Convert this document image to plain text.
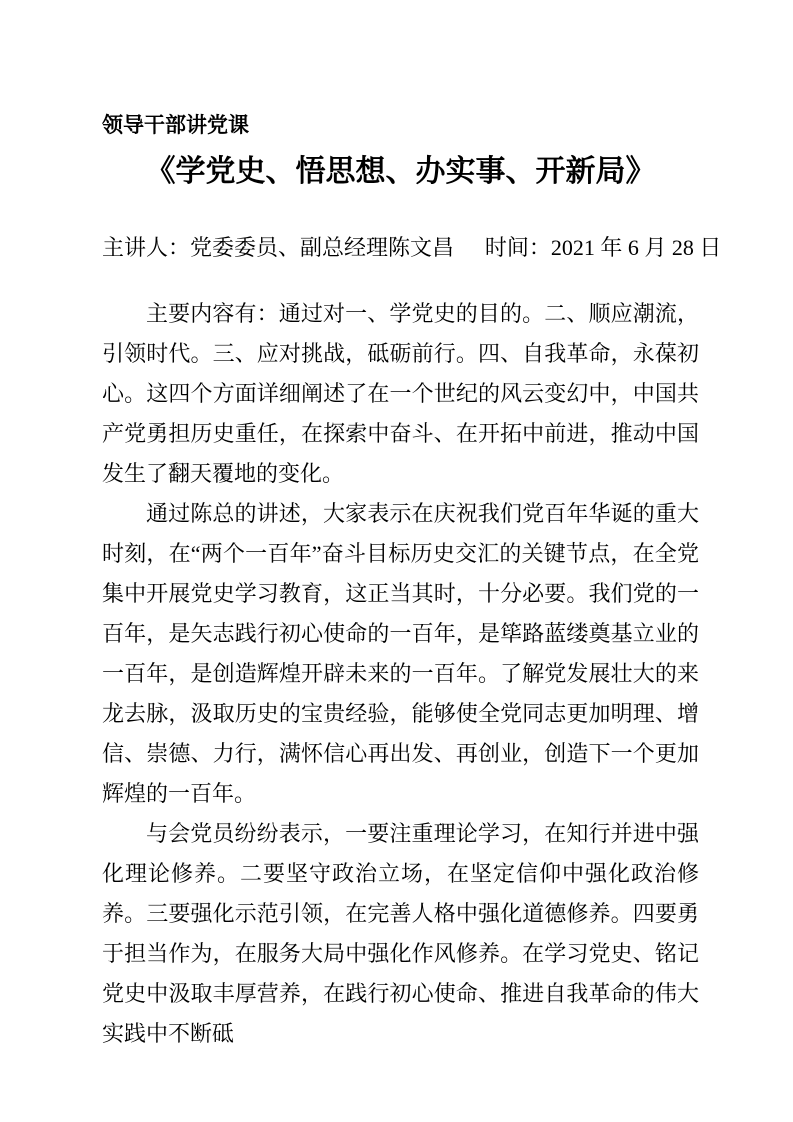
领导干部讲党课
《学党史、悟思想、办实事、开新局》
主讲人：党委委员、副总经理陈文昌 时间：2021 年 6 月 28 日

主要内容有：通过对一、学党史的目的。二、顺应潮流，引领时代。三、应对挑战，砥砺前行。四、自我革命，永葆初心。这四个方面详细阐述了在一个世纪的风云变幻中，中国共产党勇担历史重任，在探索中奋斗、在开拓中前进，推动中国发生了翻天覆地的变化。

通过陈总的讲述，大家表示在庆祝我们党百年华诞的重大时刻，在“两个一百年”奋斗目标历史交汇的关键节点，在全党集中开展党史学习教育，这正当其时，十分必要。我们党的一百年，是矢志践行初心使命的一百年，是筚路蓝缕奠基立业的一百年，是创造辉煌开辟未来的一百年。了解党发展壮大的来龙去脉，汲取历史的宝贵经验，能够使全党同志更加明理、增信、崇德、力行，满怀信心再出发、再创业，创造下一个更加辉煌的一百年。

与会党员纷纷表示，一要注重理论学习，在知行并进中强化理论修养。二要坚守政治立场，在坚定信仰中强化政治修养。三要强化示范引领，在完善人格中强化道德修养。四要勇于担当作为，在服务大局中强化作风修养。在学习党史、铭记党史中汲取丰厚营养，在践行初心使命、推进自我革命的伟大实践中不断砥
